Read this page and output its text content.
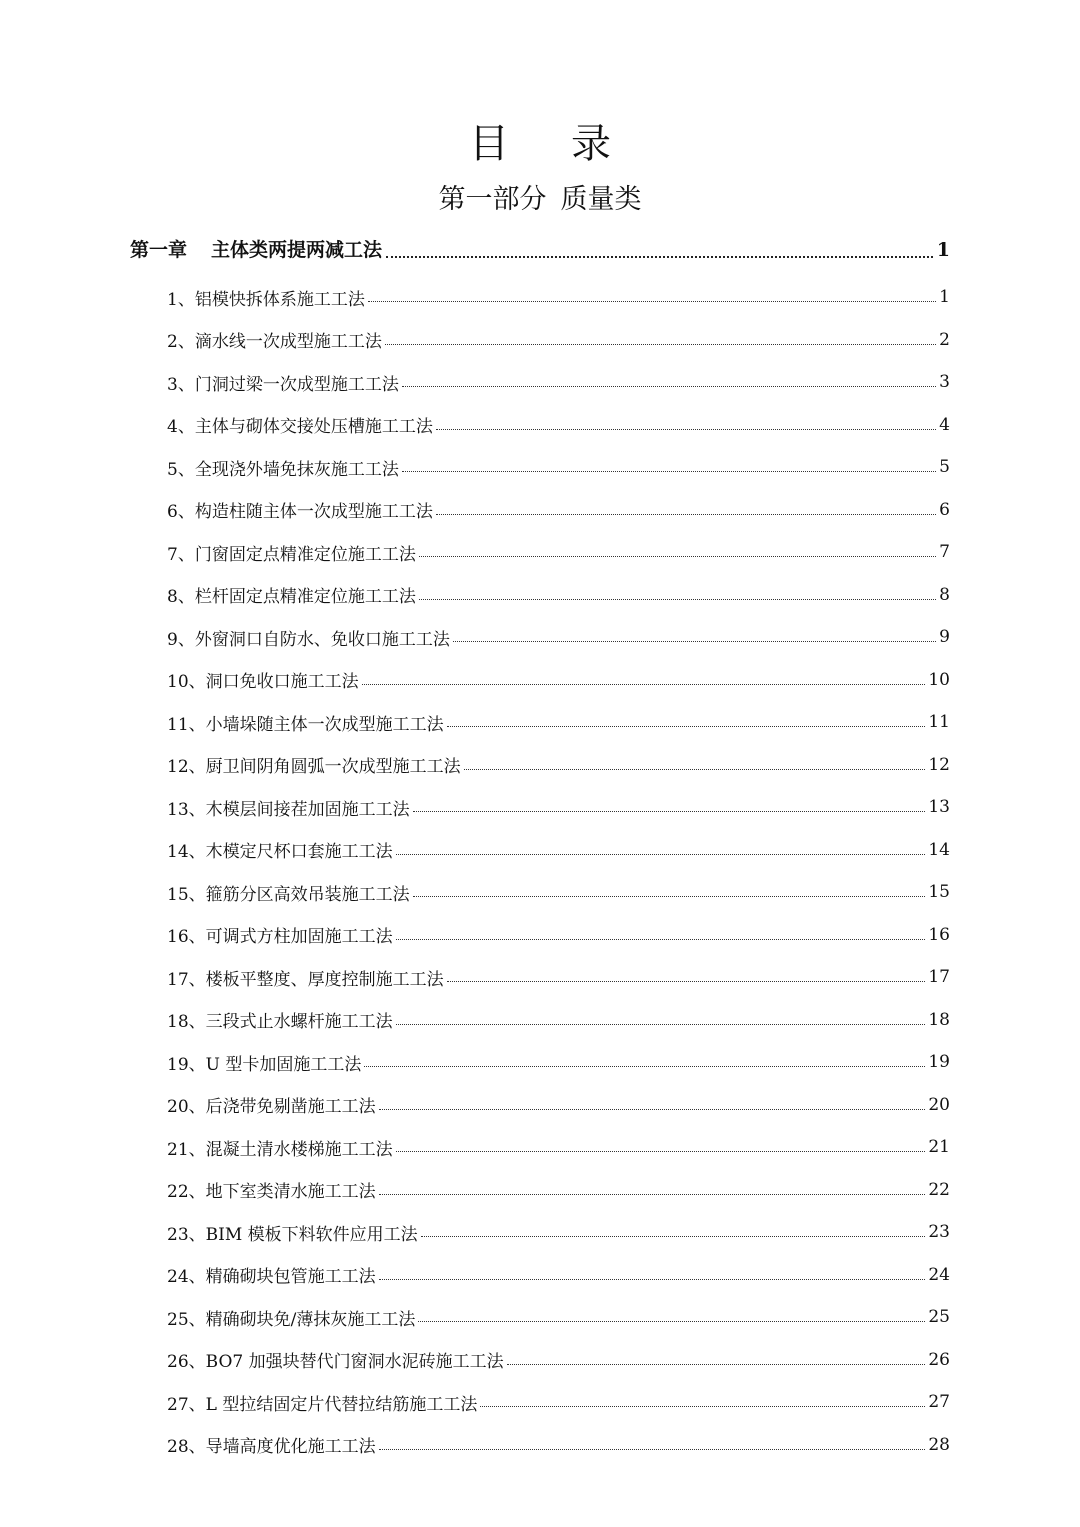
目录
第一部分 质量类
第一章 主体类两提两减工法	1
1、铝模快拆体系施工工法	1
2、滴水线一次成型施工工法	2
3、门洞过梁一次成型施工工法	3
4、主体与砌体交接处压槽施工工法	4
5、全现浇外墙免抹灰施工工法	5
6、构造柱随主体一次成型施工工法	6
7、门窗固定点精准定位施工工法	7
8、栏杆固定点精准定位施工工法	8
9、外窗洞口自防水、免收口施工工法	9
10、洞口免收口施工工法	10
11、小墙垛随主体一次成型施工工法	11
12、厨卫间阴角圆弧一次成型施工工法	12
13、木模层间接茬加固施工工法	13
14、木模定尺杯口套施工工法	14
15、箍筋分区高效吊装施工工法	15
16、可调式方柱加固施工工法	16
17、楼板平整度、厚度控制施工工法	17
18、三段式止水螺杆施工工法	18
19、U 型卡加固施工工法	19
20、后浇带免剔凿施工工法	20
21、混凝土清水楼梯施工工法	21
22、地下室类清水施工工法	22
23、BIM 模板下料软件应用工法	23
24、精确砌块包管施工工法	24
25、精确砌块免/薄抹灰施工工法	25
26、BO7 加强块替代门窗洞水泥砖施工工法	26
27、L 型拉结固定片代替拉结筋施工工法	27
28、导墙高度优化施工工法	28
